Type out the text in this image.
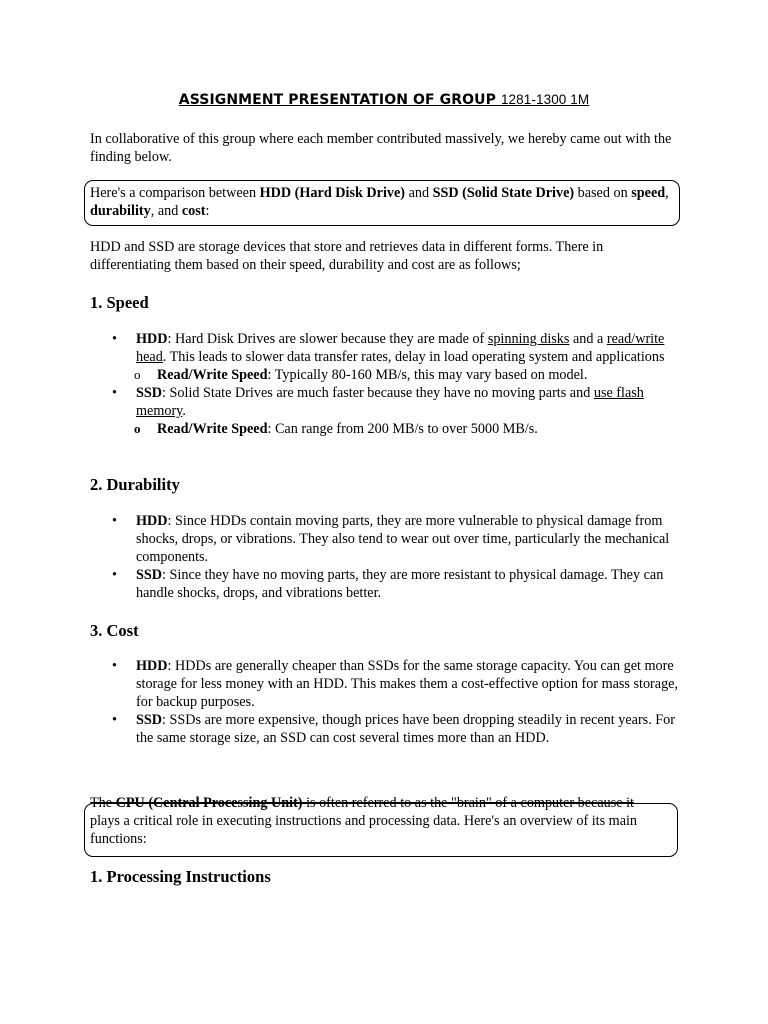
ASSIGNMENT PRESENTATION OF GROUP 1281-1300 1M
In collaborative of this group where each member contributed massively, we hereby came out with the finding below.
Here's a comparison between HDD (Hard Disk Drive) and SSD (Solid State Drive) based on speed, durability, and cost:
HDD and SSD are storage devices that store and retrieves data in different forms. There in differentiating them based on their speed, durability and cost are as follows;
1. Speed
•	HDD: Hard Disk Drives are slower because they are made of spinning disks and a read/write head. This leads to slower data transfer rates, delay in load operating system and applications
o Read/Write Speed: Typically 80-160 MB/s, this may vary based on model.
•	SSD: Solid State Drives are much faster because they have no moving parts and use flash memory.
o Read/Write Speed: Can range from 200 MB/s to over 5000 MB/s.
2. Durability
•	HDD: Since HDDs contain moving parts, they are more vulnerable to physical damage from shocks, drops, or vibrations. They also tend to wear out over time, particularly the mechanical components.
•	SSD: Since they have no moving parts, they are more resistant to physical damage. They can handle shocks, drops, and vibrations better.
3. Cost
•	HDD: HDDs are generally cheaper than SSDs for the same storage capacity. You can get more storage for less money with an HDD. This makes them a cost-effective option for mass storage, for backup purposes.
•	SSD: SSDs are more expensive, though prices have been dropping steadily in recent years. For the same storage size, an SSD can cost several times more than an HDD.
The CPU (Central Processing Unit) is often referred to as the "brain" of a computer because it
plays a critical role in executing instructions and processing data. Here's an overview of its main functions:
1. Processing Instructions
